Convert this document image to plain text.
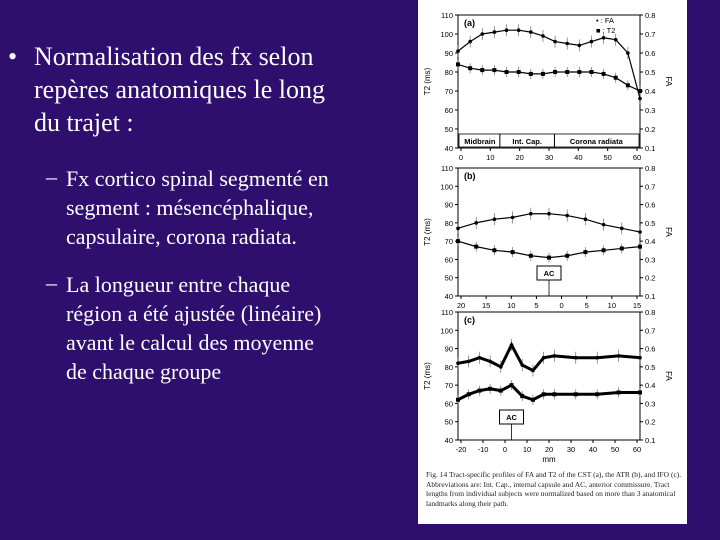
• Normalisation des fx selon
repères anatomiques le long
du trajet :
– Fx cortico spinal segmenté en
segment : mésencéphalique,
capsulaire, corona radiata.
– La longueur entre chaque
région a été ajustée (linéaire)
avant le calcul des moyenne
de chaque groupe
(a)
40
50
60
70
80
90
100
110
0.1
0.2
0.3
0.4
0.5
0.6
0.7
0.8
T2 (ms)	FA
0	10	20	30	40	50	60
• : FA
■ : T2
Midbrain Int. Cap.	Corona radiata
(b)
40
50
60
70
80
90
100
110
0.1
0.2
0.3
0.4
0.5
0.6
0.7
0.8
T2 (ms)	FA
20 15 10	5	0	5	10 15
AC
(c)
40
50
60
70
80
90
100
110
0.1
0.2
0.3
0.4
0.5
0.6
0.7
0.8
T2 (ms)	FA
-20 -10 0 10 20 30 40 50 60
mm
AC
Fig. 14 Tract-specific profiles of FA and T2 of the CST (a), the ATR (b), and IFO (c). Abbreviations are: Int. Cap., internal capsule and AC, anterior commissure. Tract lengths from individual subjects were normalized based on more than 3 anatomical landmarks along their path.
